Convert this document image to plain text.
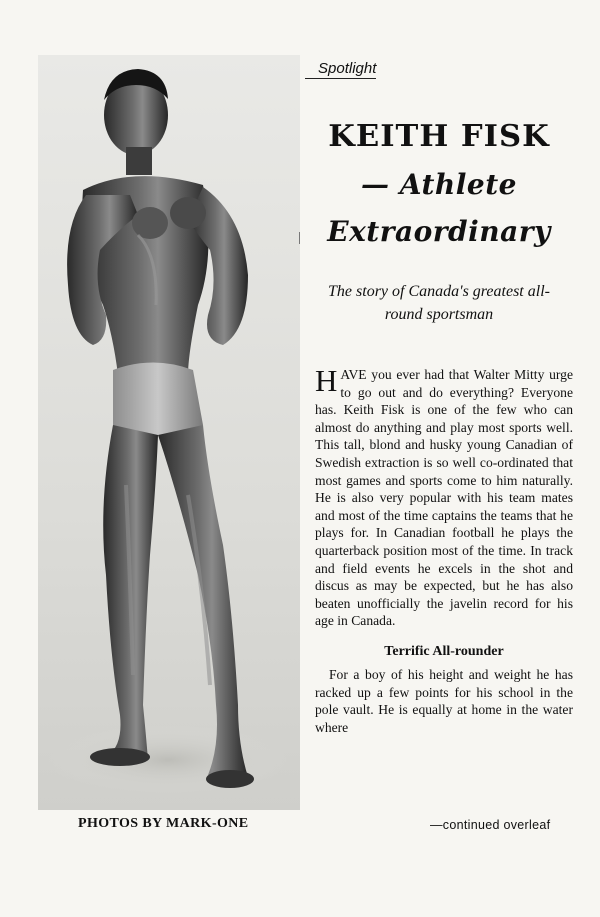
PHOTOS BY MARK-ONE
Spotlight
KEITH FISK
— Athlete
Extraordinary
The story of Canada's greatest all-round sportsman
HAVE you ever had that Walter Mitty urge to go out and do everything? Everyone has. Keith Fisk is one of the few who can almost do anything and play most sports well. This tall, blond and husky young Canadian of Swedish extraction is so well co-ordinated that most games and sports come to him naturally. He is also very popular with his team mates and most of the time captains the teams that he plays for. In Canadian football he plays the quarterback position most of the time. In track and field events he excels in the shot and discus as may be expected, but he has also beaten unofficially the javelin record for his age in Canada.
Terrific All-rounder
For a boy of his height and weight he has racked up a few points for his school in the pole vault. He is equally at home in the water where
—continued overleaf
